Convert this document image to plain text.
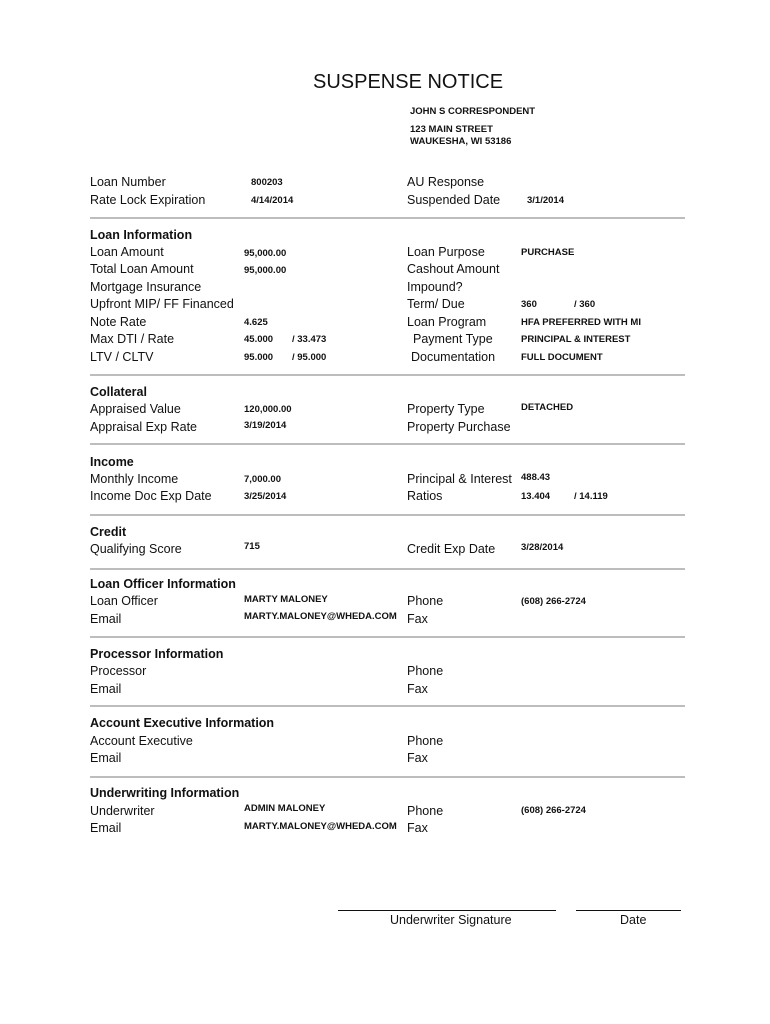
SUSPENSE NOTICE
JOHN S CORRESPONDENT
123 MAIN STREET
WAUKESHA, WI 53186
Loan Number	800203
Rate Lock Expiration	4/14/2014
AU Response
Suspended Date	3/1/2014
Loan Information
Loan Amount	95,000.00
Total Loan Amount	95,000.00
Mortgage Insurance
Upfront MIP/ FF Financed
Note Rate	4.625
Max DTI / Rate	45.000 / 33.473
LTV / CLTV	95.000 / 95.000
Loan Purpose	PURCHASE
Cashout Amount
Impound?
Term/ Due	360	/ 360
Loan Program	HFA PREFERRED WITH MI
Payment Type	PRINCIPAL & INTEREST
Documentation	FULL DOCUMENT
Collateral
Appraised Value	120,000.00
Appraisal Exp Rate	3/19/2014
Property Type	DETACHED
Property Purchase
Income
Monthly Income	7,000.00
Income Doc Exp Date	3/25/2014
Principal & Interest 488.43
Ratios	13.404	/ 14.119
Credit
Qualifying Score	715	Credit Exp Date	3/28/2014
Loan Officer Information
Loan Officer	MARTY MALONEY
Email	MARTY.MALONEY@WHEDA.COM
Phone	(608) 266-2724
Fax
Processor Information
Processor
Email
Phone
Fax
Account Executive Information
Account Executive
Email
Phone
Fax
Underwriting Information
Underwriter	ADMIN MALONEY
Email	MARTY.MALONEY@WHEDA.COM
Phone	(608) 266-2724
Fax
Underwriter Signature	Date
